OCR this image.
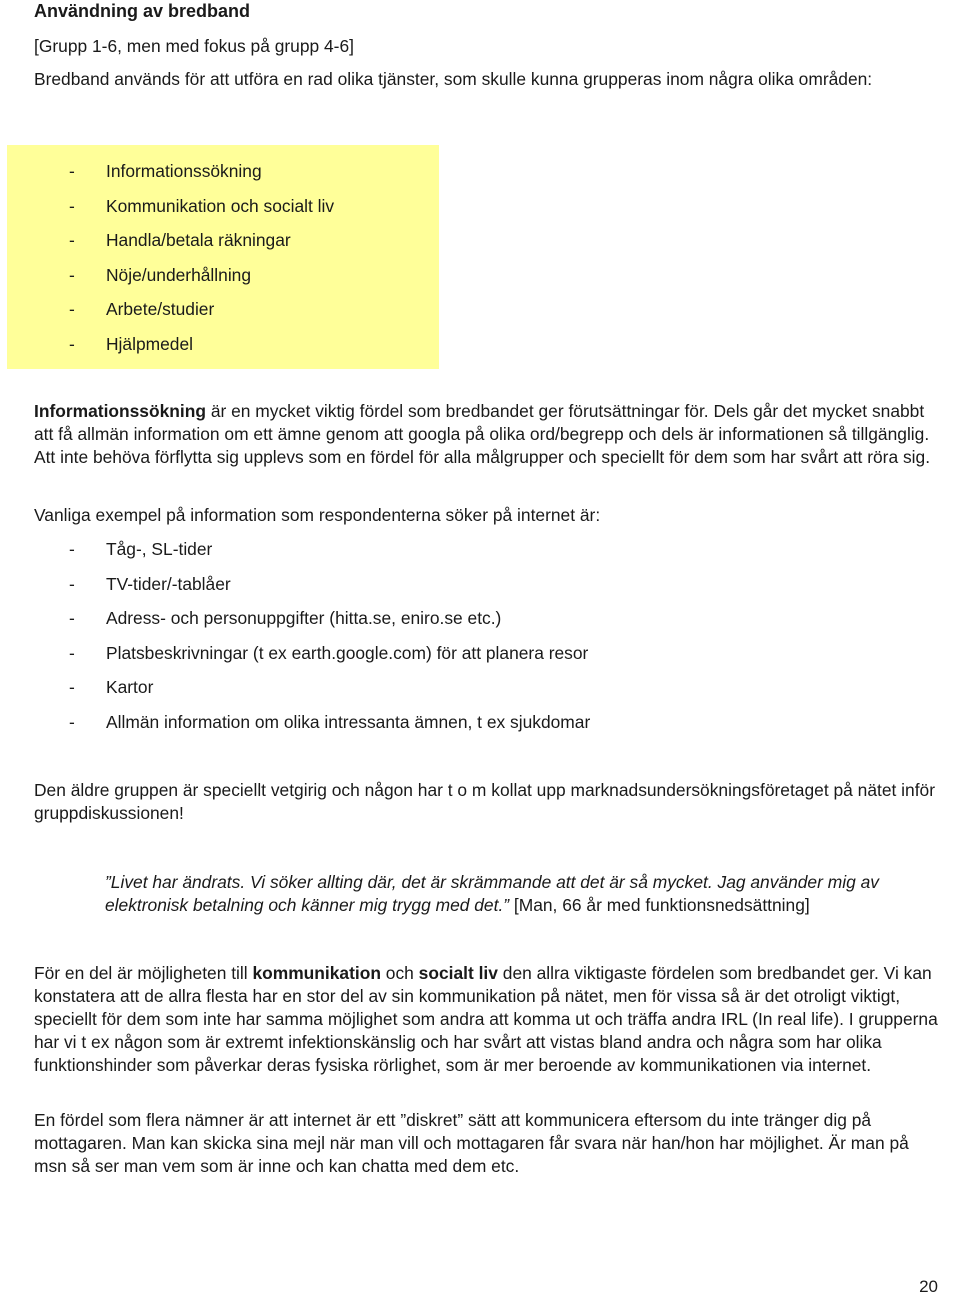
Användning av bredband

[Grupp 1-6, men med fokus på grupp 4-6]

Bredband används för att utföra en rad olika tjänster, som skulle kunna grupperas inom några olika områden:

- Informationssökning
- Kommunikation och socialt liv
- Handla/betala räkningar
- Nöje/underhållning
- Arbete/studier
- Hjälpmedel

Informationssökning är en mycket viktig fördel som bredbandet ger förutsättningar för. Dels går det mycket snabbt att få allmän information om ett ämne genom att googla på olika ord/begrepp och dels är informationen så tillgänglig. Att inte behöva förflytta sig upplevs som en fördel för alla målgrupper och speciellt för dem som har svårt att röra sig.

Vanliga exempel på information som respondenterna söker på internet är:

- Tåg-, SL-tider
- TV-tider/-tablåer
- Adress- och personuppgifter (hitta.se, eniro.se etc.)
- Platsbeskrivningar (t ex earth.google.com) för att planera resor
- Kartor
- Allmän information om olika intressanta ämnen, t ex sjukdomar

Den äldre gruppen är speciellt vetgirig och någon har t o m kollat upp marknadsundersökningsföretaget på nätet inför gruppdiskussionen!

”Livet har ändrats. Vi söker allting där, det är skrämmande att det är så mycket. Jag använder mig av elektronisk betalning och känner mig trygg med det.” [Man, 66 år med funktionsnedsättning]

För en del är möjligheten till kommunikation och socialt liv den allra viktigaste fördelen som bredbandet ger. Vi kan konstatera att de allra flesta har en stor del av sin kommunikation på nätet, men för vissa så är det otroligt viktigt, speciellt för dem som inte har samma möjlighet som andra att komma ut och träffa andra IRL (In real life). I grupperna har vi t ex någon som är extremt infektionskänslig och har svårt att vistas bland andra och några som har olika funktionshinder som påverkar deras fysiska rörlighet, som är mer beroende av kommunikationen via internet.

En fördel som flera nämner är att internet är ett ”diskret” sätt att kommunicera eftersom du inte tränger dig på mottagaren. Man kan skicka sina mejl när man vill och mottagaren får svara när han/hon har möjlighet. Är man på msn så ser man vem som är inne och kan chatta med dem etc.

20
